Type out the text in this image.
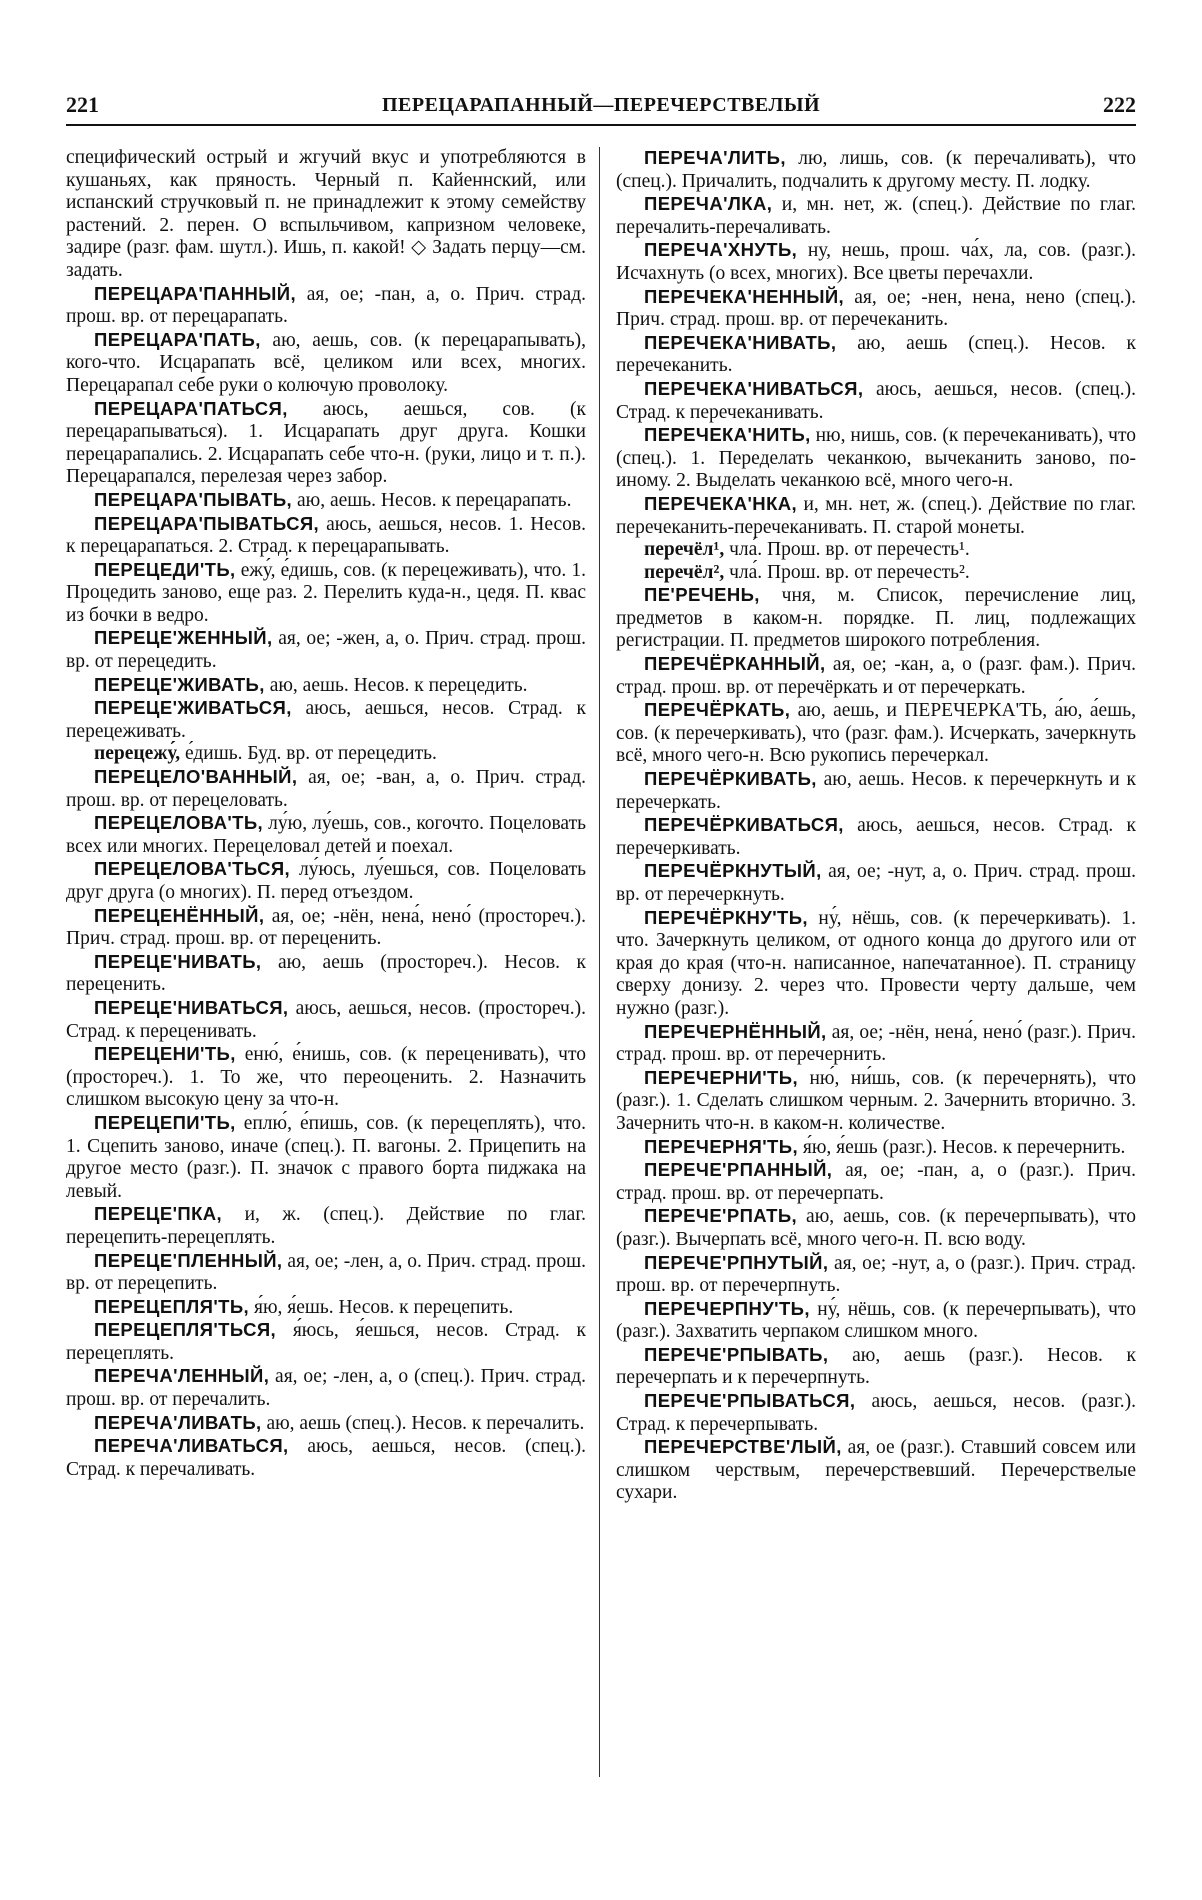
221	ПЕРЕЦАРАПАННЫЙ—ПЕРЕЧЕРСТВЕЛЫЙ	222

специфический острый и жгучий вкус и употребляются в кушаньях, как пряность. Черный п. Кайеннский, или испанский стручковый п. не принадлежит к этому семейству растений. 2. перен. О вспыльчивом, капризном человеке, задире (разг. фам. шутл.). Ишь, п. какой! ◇ Задать перцу—см. задать.

ПЕРЕЦАРА'ПАННЫЙ, ая, ое; -пан, а, о. Прич. страд. прош. вр. от перецарапать.

ПЕРЕЦАРА'ПАТЬ, аю, аешь, сов. (к перецарапывать), кого-что. Исцарапать всё, целиком или всех, многих. Перецарапал себе руки о колючую проволоку.

ПЕРЕЦАРА'ПАТЬСЯ, аюсь, аешься, сов. (к перецарапываться). 1. Исцарапать друг друга. Кошки перецарапались. 2. Исцарапать себе что-н. (руки, лицо и т. п.). Перецарапался, перелезая через забор.

ПЕРЕЦАРА'ПЫВАТЬ, аю, аешь. Несов. к перецарапать.

ПЕРЕЦАРА'ПЫВАТЬСЯ, аюсь, аешься, несов. 1. Несов. к перецарапаться. 2. Страд. к перецарапывать.

ПЕРЕЦЕДИ'ТЬ, ежу́, е́дишь, сов. (к перецеживать), что. 1. Процедить заново, еще раз. 2. Перелить куда-н., цедя. П. квас из бочки в ведро.

ПЕРЕЦЕ'ЖЕННЫЙ, ая, ое; -жен, а, о. Прич. страд. прош. вр. от перецедить.

ПЕРЕЦЕ'ЖИВАТЬ, аю, аешь. Несов. к перецедить.

ПЕРЕЦЕ'ЖИВАТЬСЯ, аюсь, аешься, несов. Страд. к перецеживать.

перецежу́, е́дишь. Буд. вр. от перецедить.

ПЕРЕЦЕЛО'ВАННЫЙ, ая, ое; -ван, а, о. Прич. страд. прош. вр. от перецеловать.

ПЕРЕЦЕЛОВА'ТЬ, лу́ю, лу́ешь, сов., когочто. Поцеловать всех или многих. Перецеловал детей и поехал.

ПЕРЕЦЕЛОВА'ТЬСЯ, лу́юсь, лу́ешься, сов. Поцеловать друг друга (о многих). П. перед отъездом.

ПЕРЕЦЕНЁННЫЙ, ая, ое; -нён, нена́, нено́ (простореч.). Прич. страд. прош. вр. от переценить.

ПЕРЕЦЕ'НИВАТЬ, аю, аешь (простореч.). Несов. к переценить.

ПЕРЕЦЕ'НИВАТЬСЯ, аюсь, аешься, несов. (простореч.). Страд. к переценивать.

ПЕРЕЦЕНИ'ТЬ, еню́, е́нишь, сов. (к переценивать), что (простореч.). 1. То же, что переоценить. 2. Назначить слишком высокую цену за что-н.

ПЕРЕЦЕПИ'ТЬ, еплю́, е́пишь, сов. (к перецеплять), что. 1. Сцепить заново, иначе (спец.). П. вагоны. 2. Прицепить на другое место (разг.). П. значок с правого борта пиджака на левый.

ПЕРЕЦЕ'ПКА, и, ж. (спец.). Действие по глаг. перецепить-перецеплять.

ПЕРЕЦЕ'ПЛЕННЫЙ, ая, ое; -лен, а, о. Прич. страд. прош. вр. от перецепить.

ПЕРЕЦЕПЛЯ'ТЬ, я́ю, я́ешь. Несов. к перецепить.

ПЕРЕЦЕПЛЯ'ТЬСЯ, я́юсь, я́ешься, несов. Страд. к перецеплять.

ПЕРЕЧА'ЛЕННЫЙ, ая, ое; -лен, а, о (спец.). Прич. страд. прош. вр. от перечалить.

ПЕРЕЧА'ЛИВАТЬ, аю, аешь (спец.). Несов. к перечалить.

ПЕРЕЧА'ЛИВАТЬСЯ, аюсь, аешься, несов. (спец.). Страд. к перечаливать.

ПЕРЕЧА'ЛИТЬ, лю, лишь, сов. (к перечаливать), что (спец.). Причалить, подчалить к другому месту. П. лодку.

ПЕРЕЧА'ЛКА, и, мн. нет, ж. (спец.). Действие по глаг. перечалить-перечаливать.

ПЕРЕЧА'ХНУТЬ, ну, нешь, прош. ча́х, ла, сов. (разг.). Исчахнуть (о всех, многих). Все цветы перечахли.

ПЕРЕЧЕКА'НЕННЫЙ, ая, ое; -нен, нена, нено (спец.). Прич. страд. прош. вр. от перечеканить.

ПЕРЕЧЕКА'НИВАТЬ, аю, аешь (спец.). Несов. к перечеканить.

ПЕРЕЧЕКА'НИВАТЬСЯ, аюсь, аешься, несов. (спец.). Страд. к перечеканивать.

ПЕРЕЧЕКА'НИТЬ, ню, нишь, сов. (к перечеканивать), что (спец.). 1. Переделать чеканкою, вычеканить заново, по-иному. 2. Выделать чеканкою всё, много чего-н.

ПЕРЕЧЕКА'НКА, и, мн. нет, ж. (спец.). Действие по глаг. перечеканить-перечеканивать. П. старой монеты.

перечёл¹, чла́. Прош. вр. от перечесть¹.

перечёл², чла́. Прош. вр. от перечесть².

ПЕ'РЕЧЕНЬ, чня, м. Список, перечисление лиц, предметов в каком-н. порядке. П. лиц, подлежащих регистрации. П. предметов широкого потребления.

ПЕРЕЧЁРКАННЫЙ, ая, ое; -кан, а, о (разг. фам.). Прич. страд. прош. вр. от перечёркать и от перечеркать.

ПЕРЕЧЁРКАТЬ, аю, аешь, и ПЕРЕЧЕРКА'ТЬ, а́ю, а́ешь, сов. (к перечеркивать), что (разг. фам.). Исчеркать, зачеркнуть всё, много чего-н. Всю рукопись перечеркал.

ПЕРЕЧЁРКИВАТЬ, аю, аешь. Несов. к перечеркнуть и к перечеркать.

ПЕРЕЧЁРКИВАТЬСЯ, аюсь, аешься, несов. Страд. к перечеркивать.

ПЕРЕЧЁРКНУТЫЙ, ая, ое; -нут, а, о. Прич. страд. прош. вр. от перечеркнуть.

ПЕРЕЧЁРКНУ'ТЬ, ну́, нёшь, сов. (к перечеркивать). 1. что. Зачеркнуть целиком, от одного конца до другого или от края до края (что-н. написанное, напечатанное). П. страницу сверху донизу. 2. через что. Провести черту дальше, чем нужно (разг.).

ПЕРЕЧЕРНЁННЫЙ, ая, ое; -нён, нена́, нено́ (разг.). Прич. страд. прош. вр. от перечернить.

ПЕРЕЧЕРНИ'ТЬ, ню́, ни́шь, сов. (к перечернять), что (разг.). 1. Сделать слишком черным. 2. Зачернить вторично. 3. Зачернить что-н. в каком-н. количестве.

ПЕРЕЧЕРНЯ'ТЬ, я́ю, я́ешь (разг.). Несов. к перечернить.

ПЕРЕЧЕ'РПАННЫЙ, ая, ое; -пан, а, о (разг.). Прич. страд. прош. вр. от перечерпать.

ПЕРЕЧЕ'РПАТЬ, аю, аешь, сов. (к перечерпывать), что (разг.). Вычерпать всё, много чего-н. П. всю воду.

ПЕРЕЧЕ'РПНУТЫЙ, ая, ое; -нут, а, о (разг.). Прич. страд. прош. вр. от перечерпнуть.

ПЕРЕЧЕРПНУ'ТЬ, ну́, нёшь, сов. (к перечерпывать), что (разг.). Захватить черпаком слишком много.

ПЕРЕЧЕ'РПЫВАТЬ, аю, аешь (разг.). Несов. к перечерпать и к перечерпнуть.

ПЕРЕЧЕ'РПЫВАТЬСЯ, аюсь, аешься, несов. (разг.). Страд. к перечерпывать.

ПЕРЕЧЕРСТВЕ'ЛЫЙ, ая, ое (разг.). Ставший совсем или слишком черствым, перечерствевший. Перечерствелые сухари.
